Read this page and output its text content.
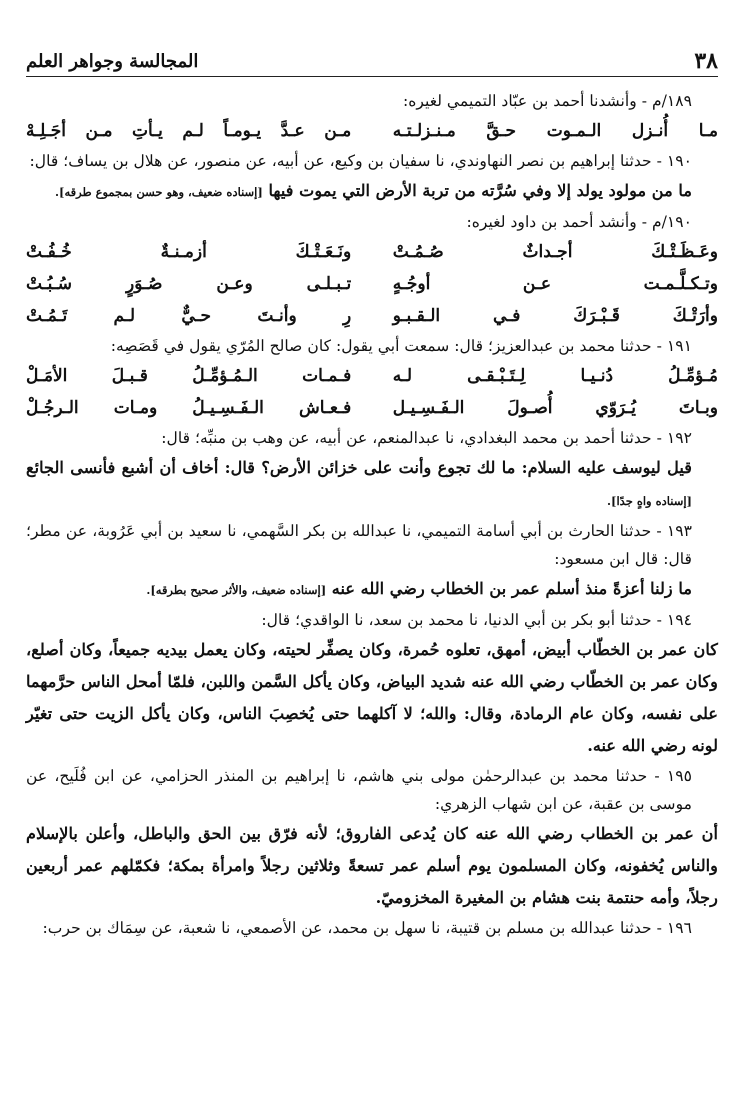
٣٨
المجالسة وجواهر العلم

١٨٩/م - وأنشدنا أحمد بن عبّاد التميمي لغيره:

مـا أُنـزل الـمـوت حـقَّ مـنـزلـتـه
مـن عـدَّ يـومـاً لـم يـأتِ مـن أجَـلِـهْ

١٩٠ - حدثنا إبراهيم بن نصر النهاوندي، نا سفيان بن وكيع، عن أبيه، عن منصور، عن هلال بن يساف؛ قال:

ما من مولود يولد إلا وفي سُرَّته من تربة الأرض التي يموت فيها [إسناده ضعيف، وهو حسن بمجموع طرقه].

١٩٠/م - وأنشد أحمد بن داود لغيره:

وعَـظَـتْـكَ أجـداثٌ صُـمُـتْ
ونَـعَـتْـكَ أزمـنـةٌ خُـفُـتْ
وتـكـلَّـمـت عـن أوجُـهٍ
تـبـلـى وعـن صُـوَرٍ سُـبُـتْ
وأرَتْـكَ قَـبْـرَكَ فـي الـقـبـو
رِ وأنـتَ حـيٌّ لـم تَـمُـتْ

١٩١ - حدثنا محمد بن عبدالعزيز؛ قال: سمعت أبي يقول: كان صالح المُرّي يقول في قَصَصِه:

مُـؤمِّـلُ دُنـيـا لِـتَـبْـقـى لـه
فـمـات الـمُـؤمِّـلُ قـبـلَ الأمَـلْ
وبـاتَ يُـرَوّي أُصـولَ الـفَـسِـيـل
فـعـاش الـفَـسِـيـلُ ومـات الـرجُـلْ

١٩٢ - حدثنا أحمد بن محمد البغدادي، نا عبدالمنعم، عن أبيه، عن وهب بن منبِّه؛ قال:

قيل ليوسف عليه السلام: ما لك تجوع وأنت على خزائن الأرض؟ قال: أخاف أن أشبع فأنسى الجائع [إسناده واهٍ جدًا].

١٩٣ - حدثنا الحارث بن أبي أسامة التميمي، نا عبدالله بن بكر السَّهمي، نا سعيد بن أبي عَرُوبة، عن مطر؛ قال: قال ابن مسعود:

ما زلنا أعزةً منذ أسلم عمر بن الخطاب رضي الله عنه [إسناده ضعيف، والأثر صحيح بطرقه].

١٩٤ - حدثنا أبو بكر بن أبي الدنيا، نا محمد بن سعد، نا الواقدي؛ قال:

كان عمر بن الخطّاب أبيض، أمهق، تعلوه حُمرة، وكان يصفِّر لحيته، وكان يعمل بيديه جميعاً، وكان أصلع، وكان عمر بن الخطّاب رضي الله عنه شديد البياض، وكان يأكل السَّمن واللبن، فلمّا أمحل الناس حرَّمهما على نفسه، وكان عام الرمادة، وقال: والله؛ لا آكلهما حتى يُخصِبَ الناس، وكان يأكل الزيت حتى تغيّر لونه رضي الله عنه.

١٩٥ - حدثنا محمد بن عبدالرحمٰن مولى بني هاشم، نا إبراهيم بن المنذر الحزامي، عن ابن فُلَيح، عن موسى بن عقبة، عن ابن شهاب الزهري:

أن عمر بن الخطاب رضي الله عنه كان يُدعى الفاروق؛ لأنه فرّق بين الحق والباطل، وأعلن بالإسلام والناس يُخفونه، وكان المسلمون يوم أسلم عمر تسعةً وثلاثين رجلاً وامرأة بمكة؛ فكمّلهم عمر أربعين رجلاً، وأمه حنتمة بنت هشام بن المغيرة المخزوميّ.

١٩٦ - حدثنا عبدالله بن مسلم بن قتيبة، نا سهل بن محمد، عن الأصمعي، نا شعبة، عن سِمَاك بن حرب:
